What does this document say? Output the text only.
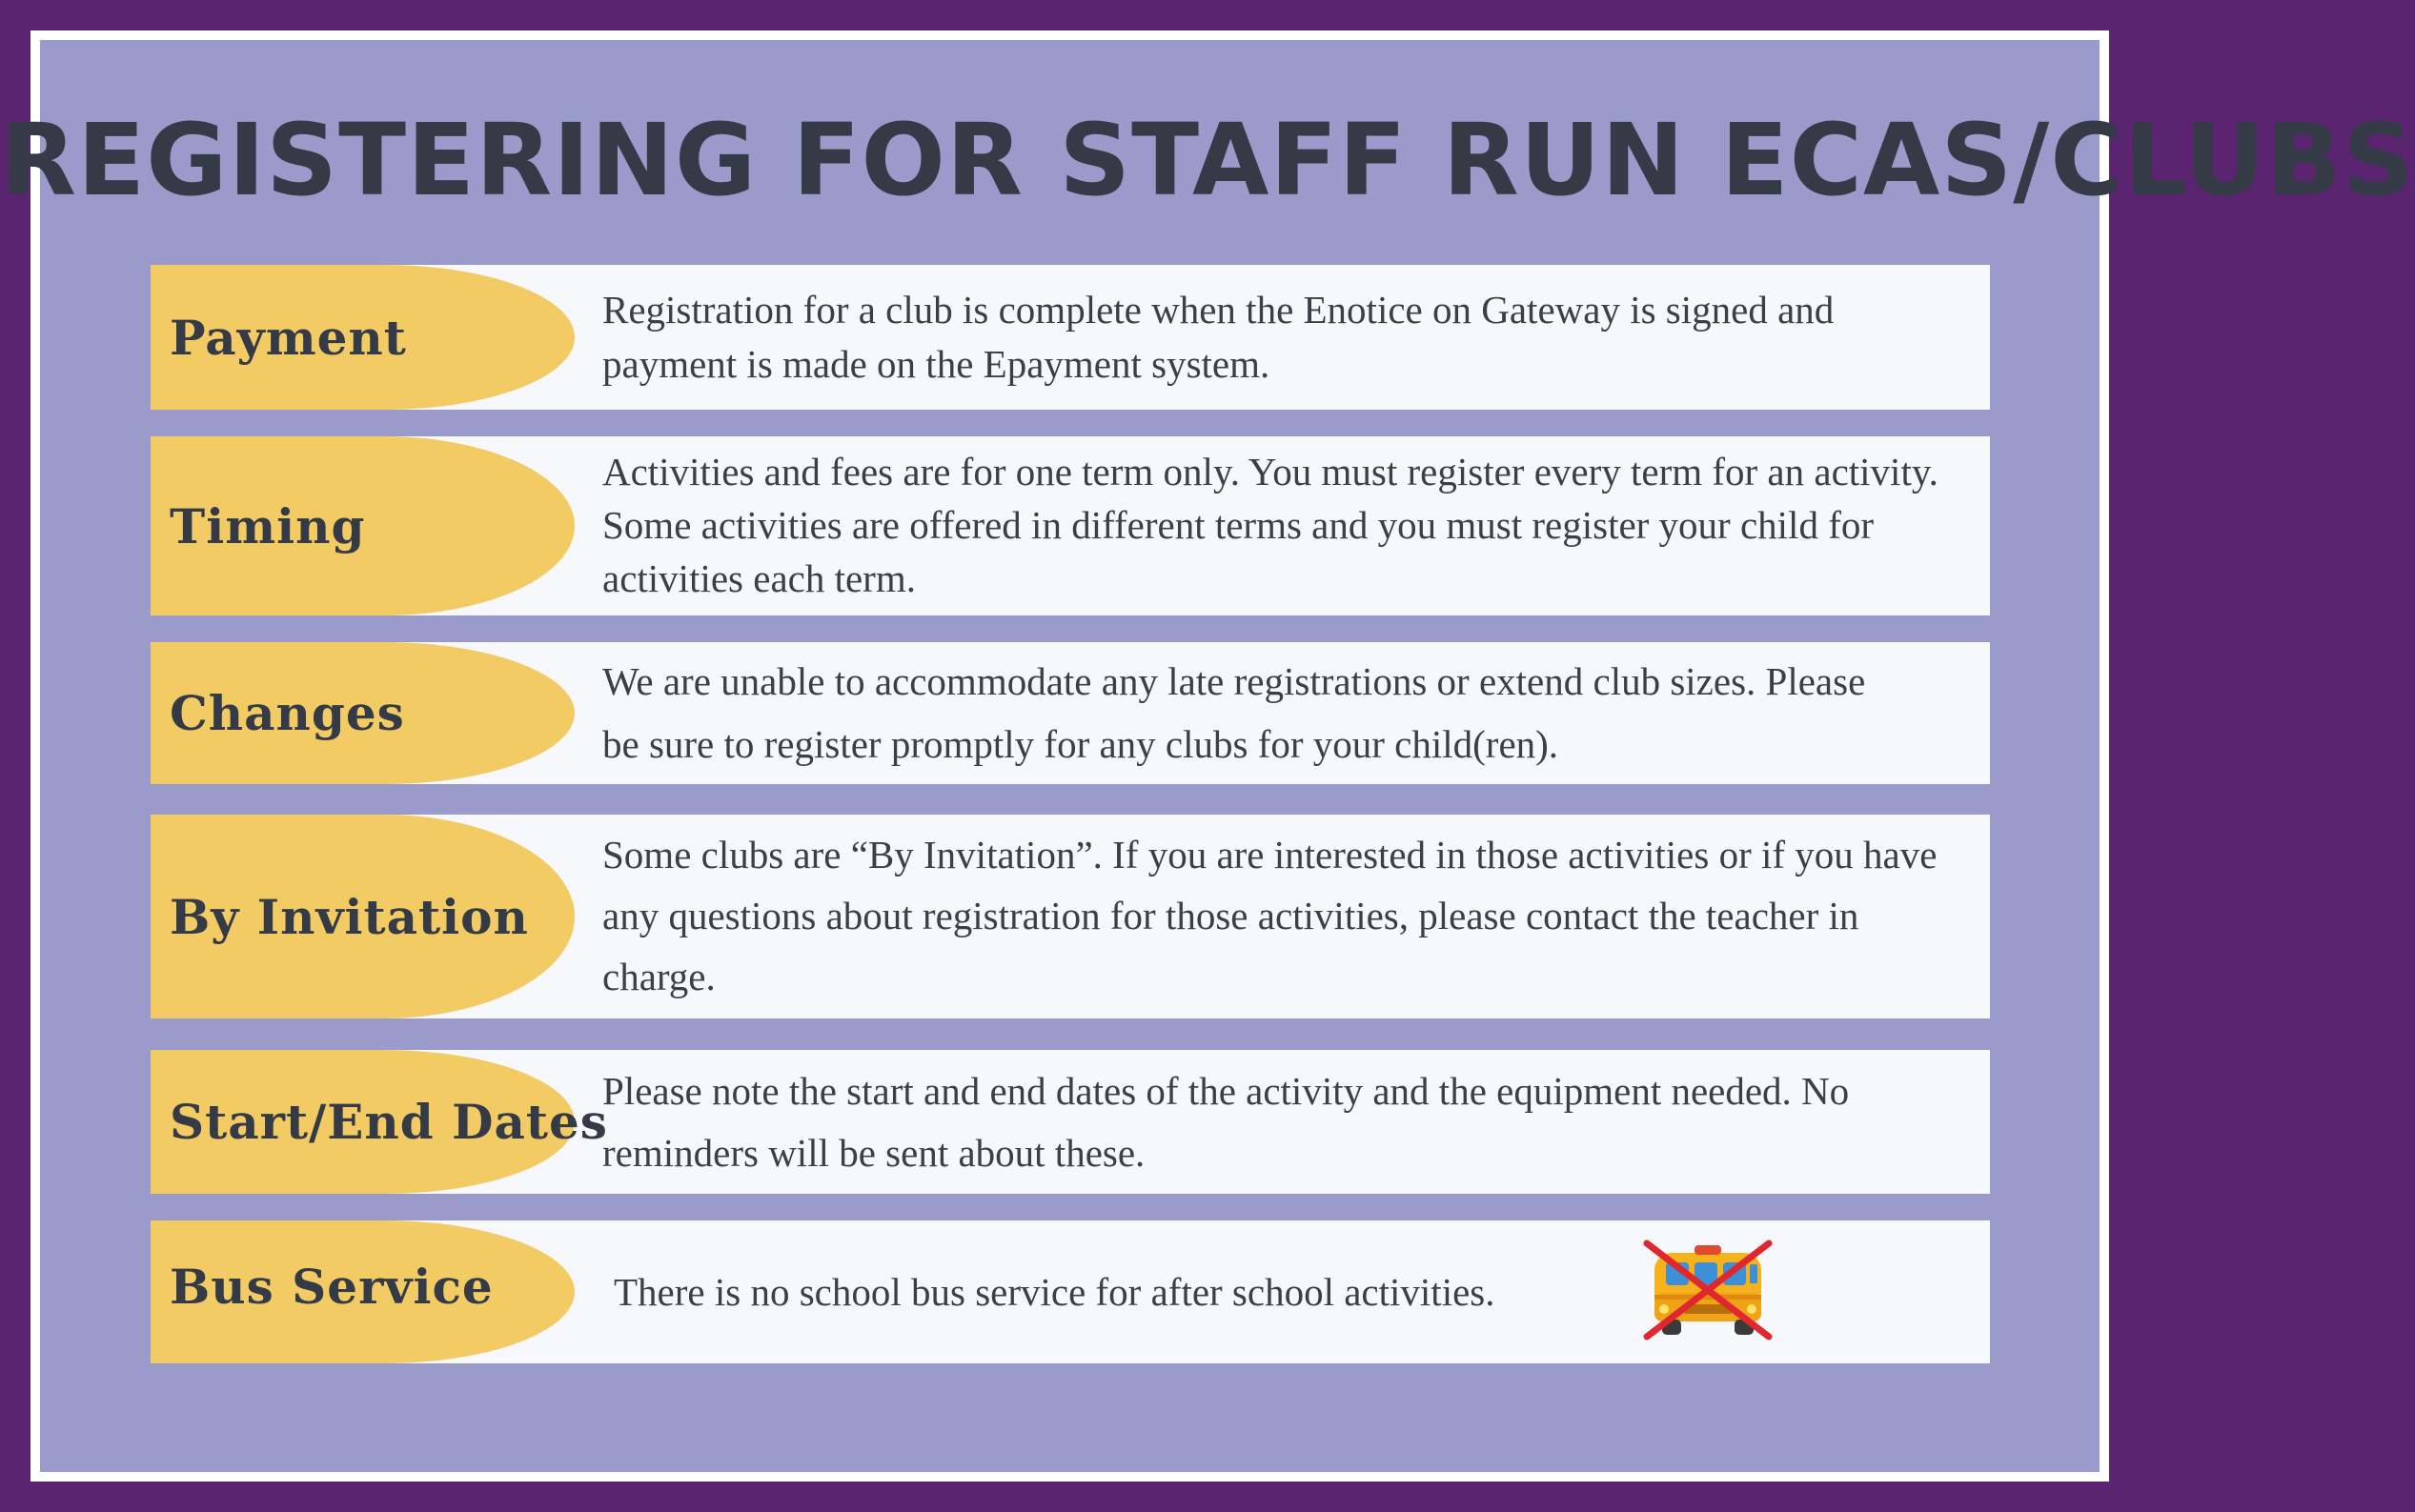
REGISTERING FOR STAFF RUN ECAS/CLUBS
Payment	Registration for a club is complete when the Enotice on Gateway is signed and payment is made on the Epayment system.
Timing
Activities and fees are for one term only. You must register every term for an activity. Some activities are offered in different terms and you must register your child for activities each term.
Changes
We are unable to accommodate any late registrations or extend club sizes. Please be sure to register promptly for any clubs for your child(ren).
By Invitation
Some clubs are “By Invitation”. If you are interested in those activities or if you have any questions about registration for those activities, please contact the teacher in charge.
Start/End Dates
Please note the start and end dates of the activity and the equipment needed. No reminders will be sent about these.
Bus Service	There is no school bus service for after school activities.
